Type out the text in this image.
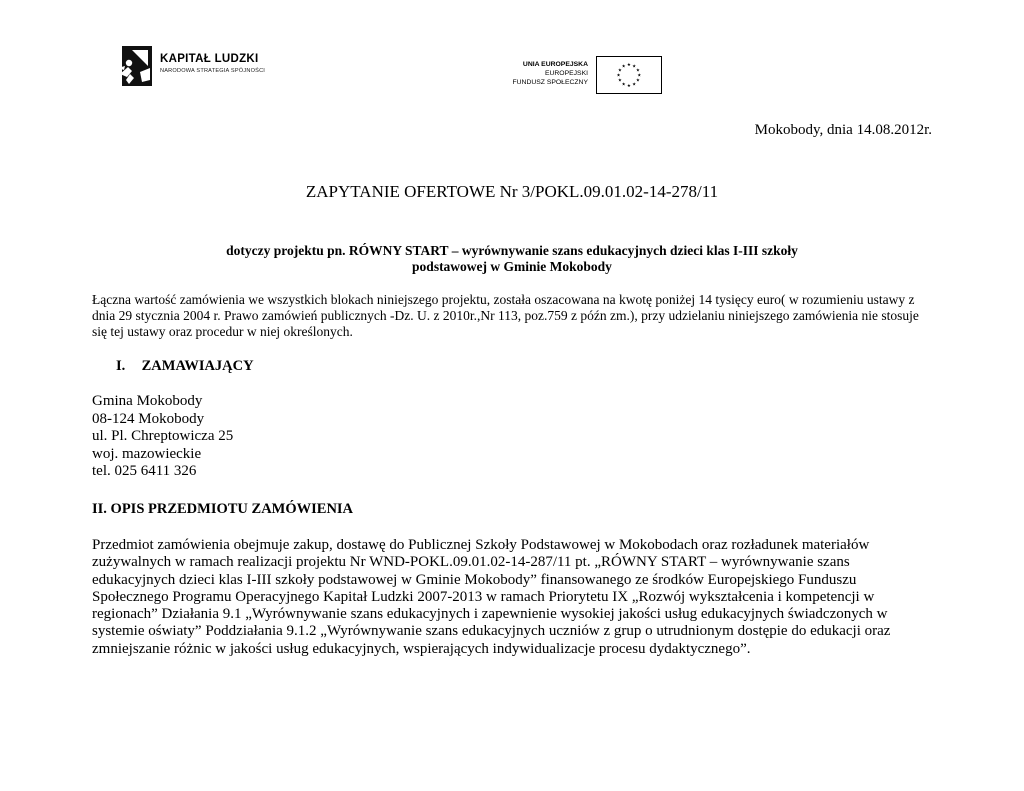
KAPITAŁ LUDZKI
NARODOWA STRATEGIA SPÓJNOŚCI
UNIA EUROPEJSKA
EUROPEJSKI
FUNDUSZ SPOŁECZNY
★ ★
★
★
★
★
★
★
★
★
★
★
Mokobody, dnia 14.08.2012r.
ZAPYTANIE OFERTOWE Nr 3/POKL.09.01.02-14-278/11
dotyczy projektu pn. RÓWNY START – wyrównywanie szans edukacyjnych dzieci klas I-III szkoły
podstawowej w Gminie Mokobody
Łączna wartość zamówienia we wszystkich blokach niniejszego projektu, została oszacowana na kwotę poniżej 14 tysięcy euro( w rozumieniu ustawy z dnia 29 stycznia 2004 r. Prawo zamówień publicznych -Dz. U. z 2010r.,Nr 113, poz.759 z późn zm.), przy udzielaniu niniejszego zamówienia nie stosuje się tej ustawy oraz procedur w niej określonych.
I. ZAMAWIAJĄCY
Gmina Mokobody
08-124 Mokobody
ul. Pl. Chreptowicza 25
woj. mazowieckie
tel. 025 6411 326
II. OPIS PRZEDMIOTU ZAMÓWIENIA
Przedmiot zamówienia obejmuje zakup, dostawę do Publicznej Szkoły Podstawowej w Mokobodach oraz rozładunek materiałów
zużywalnych w ramach realizacji projektu Nr WND-POKL.09.01.02-14-287/11 pt. „RÓWNY START – wyrównywanie szans
edukacyjnych dzieci klas I-III szkoły podstawowej w Gminie Mokobody” finansowanego ze środków Europejskiego Funduszu
Społecznego Programu Operacyjnego Kapitał Ludzki 2007-2013 w ramach Priorytetu IX „Rozwój wykształcenia i kompetencji w
regionach” Działania 9.1 „Wyrównywanie szans edukacyjnych i zapewnienie wysokiej jakości usług edukacyjnych świadczonych w
systemie oświaty” Poddziałania 9.1.2 „Wyrównywanie szans edukacyjnych uczniów z grup o utrudnionym dostępie do edukacji oraz
zmniejszanie różnic w jakości usług edukacyjnych, wspierających indywidualizacje procesu dydaktycznego”.
